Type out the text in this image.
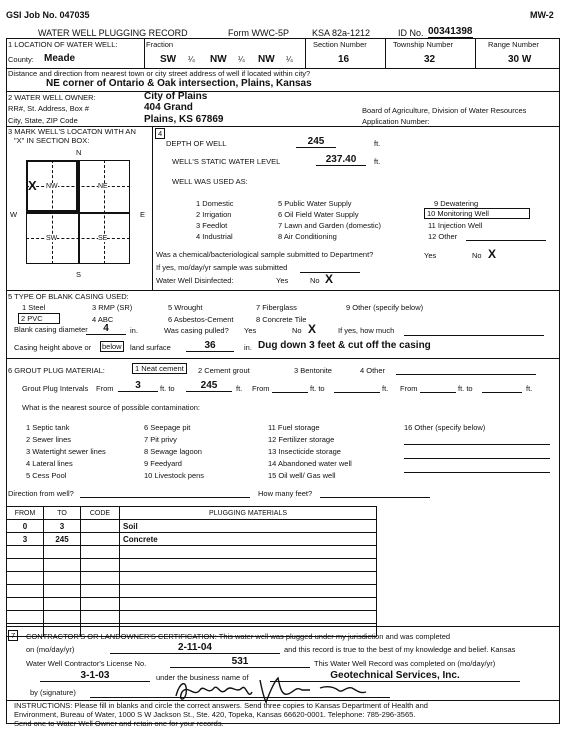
GSI Job No. 047035	MW-2
WATER WELL PLUGGING RECORD	Form WWC-5P	KSA 82a-1212	ID No. 00341398
1 LOCATION OF WATER WELL:	Fraction	Section Number	Township Number	Range Number
County: Meade	SW ¼ NW ¼ NW ¼	16	32	30 W
Distance and direction from nearest town or city street address of well if located within city?
NE corner of Ontario & Oak intersection, Plains, Kansas
2 WATER WELL OWNER:	City of Plains
RR#, St. Address, Box #	404 Grand	Board of Agriculture, Division of Water Resources
City, State, ZIP Code	Plains, KS 67869	Application Number:
3 MARK WELL'S LOCATON WITH AN
"X" IN SECTION BOX:
N
S
W	E
NW	NE
SW	SE
X
4
DEPTH OF WELL	245	ft.
WELL'S STATIC WATER LEVEL	237.40	ft.
WELL WAS USED AS:
1 Domestic
2 Irrigation
3 Feedlot
4 Industrial
5 Public Water Supply
6 Oil Field Water Supply
7 Lawn and Garden (domestic)
8 Air Conditioning
9 Dewatering
10 Monitoring Well
11 Injection Well
12 Other
Was a chemical/bacteriological sample submitted to Department?	Yes	No X
If yes, mo/day/yr sample was submitted
Water Well Disinfected:	Yes	No X
5 TYPE OF BLANK CASING USED:
1 Steel
2 PVC
3 RMP (SR)
4 ABC
5 Wrought
6 Asbestos-Cement
7 Fiberglass
8 Concrete Tile
9 Other (specify below)
Blank casing diameter	4	in.	Was casing pulled? Yes	No X	If yes, how much
Casing height above or below land surface	36	in. Dug down 3 feet & cut off the casing
6 GROUT PLUG MATERIAL:	1 Neat cement	2 Cement grout	3 Bentonite	4 Other
Grout Plug Intervals From	3	ft. to	245	ft. From	ft. to	ft. From	ft. to	ft.
What is the nearest source of possible contamination:
1 Septic tank
2 Sewer lines
3 Watertight sewer lines
4 Lateral lines
5 Cess Pool
6 Seepage pit
7 Pit privy
8 Sewage lagoon
9 Feedyard
10 Livestock pens
11 Fuel storage
12 Fertilizer storage
13 Insecticide storage
14 Abandoned water well
15 Oil well/ Gas well
16 Other (specify below)
Direction from well?	How many feet?
FROM	TO	CODE	PLUGGING MATERIALS
0	3		Soil
3	245		Concrete

7	CONTRACTOR'S OR LANDOWNER'S CERTIFICATION: This water well was plugged under my jurisdiction and was completed
on (mo/day/yr)	2-11-04	and this record is true to the best of my knowledge and belief. Kansas
Water Well Contractor's License No.	531	This Water Well Record was completed on (mo/day/yr)
3-1-03	under the business name of	Geotechnical Services, Inc.
by (signature)
INSTRUCTIONS: Please fill in blanks and circle the correct answers. Send three copies to Kansas Department of Health and
Environment, Bureau of Water, 1000 S W Jackson St., Ste. 420, Topeka, Kansas 66620-0001. Telephone: 785-296-3565.
Send one to Water Well Owner and retain one for your records.
